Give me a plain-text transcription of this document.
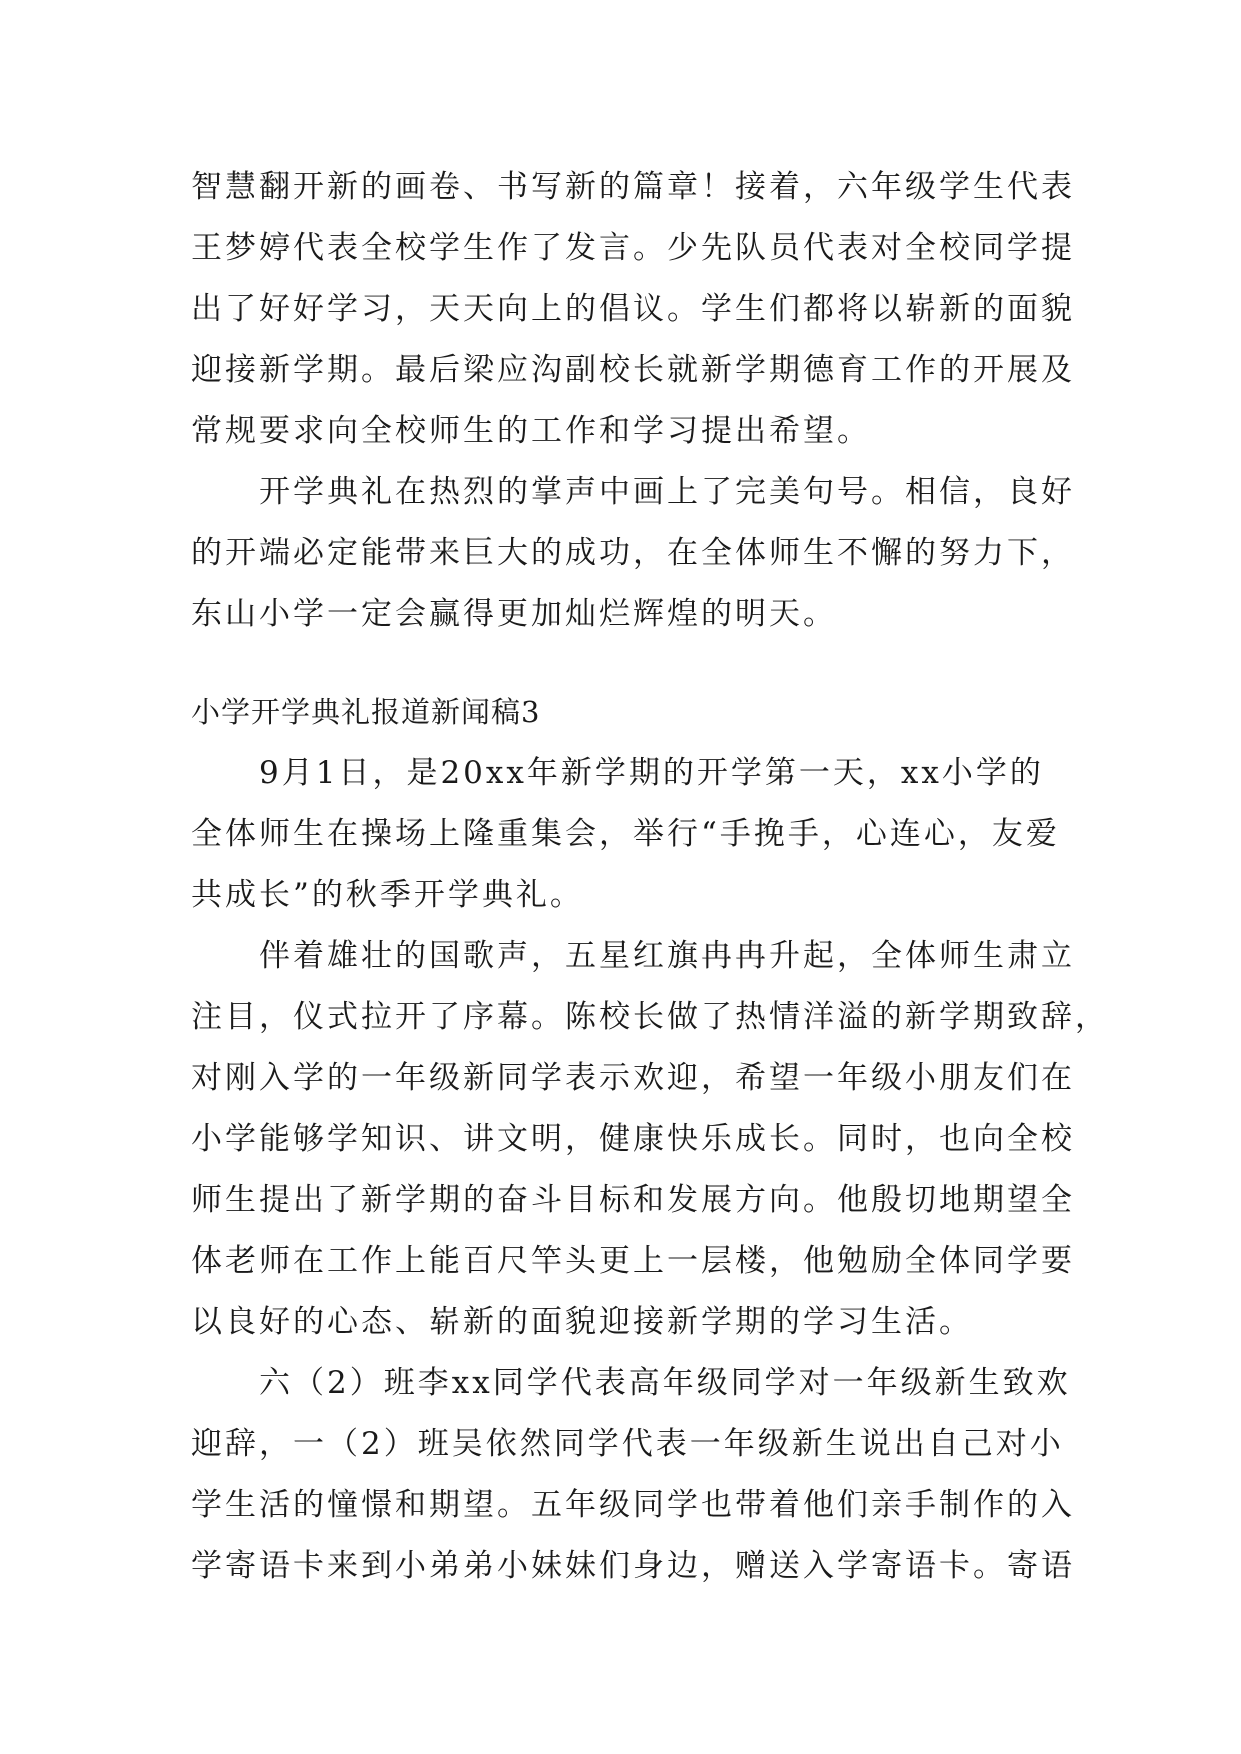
智慧翻开新的画卷、书写新的篇章！接着，六年级学生代表
王梦婷代表全校学生作了发言。少先队员代表对全校同学提
出了好好学习，天天向上的倡议。学生们都将以崭新的面貌
迎接新学期。最后梁应沟副校长就新学期德育工作的开展及
常规要求向全校师生的工作和学习提出希望。
　　开学典礼在热烈的掌声中画上了完美句号。相信，良好
的开端必定能带来巨大的成功，在全体师生不懈的努力下，
东山小学一定会赢得更加灿烂辉煌的明天。
小学开学典礼报道新闻稿3
　　9月1日，是20xx年新学期的开学第一天，xx小学的
全体师生在操场上隆重集会，举行“手挽手，心连心，友爱
共成长”的秋季开学典礼。
　　伴着雄壮的国歌声，五星红旗冉冉升起，全体师生肃立
注目，仪式拉开了序幕。陈校长做了热情洋溢的新学期致辞，
对刚入学的一年级新同学表示欢迎，希望一年级小朋友们在
小学能够学知识、讲文明，健康快乐成长。同时，也向全校
师生提出了新学期的奋斗目标和发展方向。他殷切地期望全
体老师在工作上能百尺竿头更上一层楼，他勉励全体同学要
以良好的心态、崭新的面貌迎接新学期的学习生活。
　　六（2）班李xx同学代表高年级同学对一年级新生致欢
迎辞，一（2）班吴依然同学代表一年级新生说出自己对小
学生活的憧憬和期望。五年级同学也带着他们亲手制作的入
学寄语卡来到小弟弟小妹妹们身边，赠送入学寄语卡。寄语
